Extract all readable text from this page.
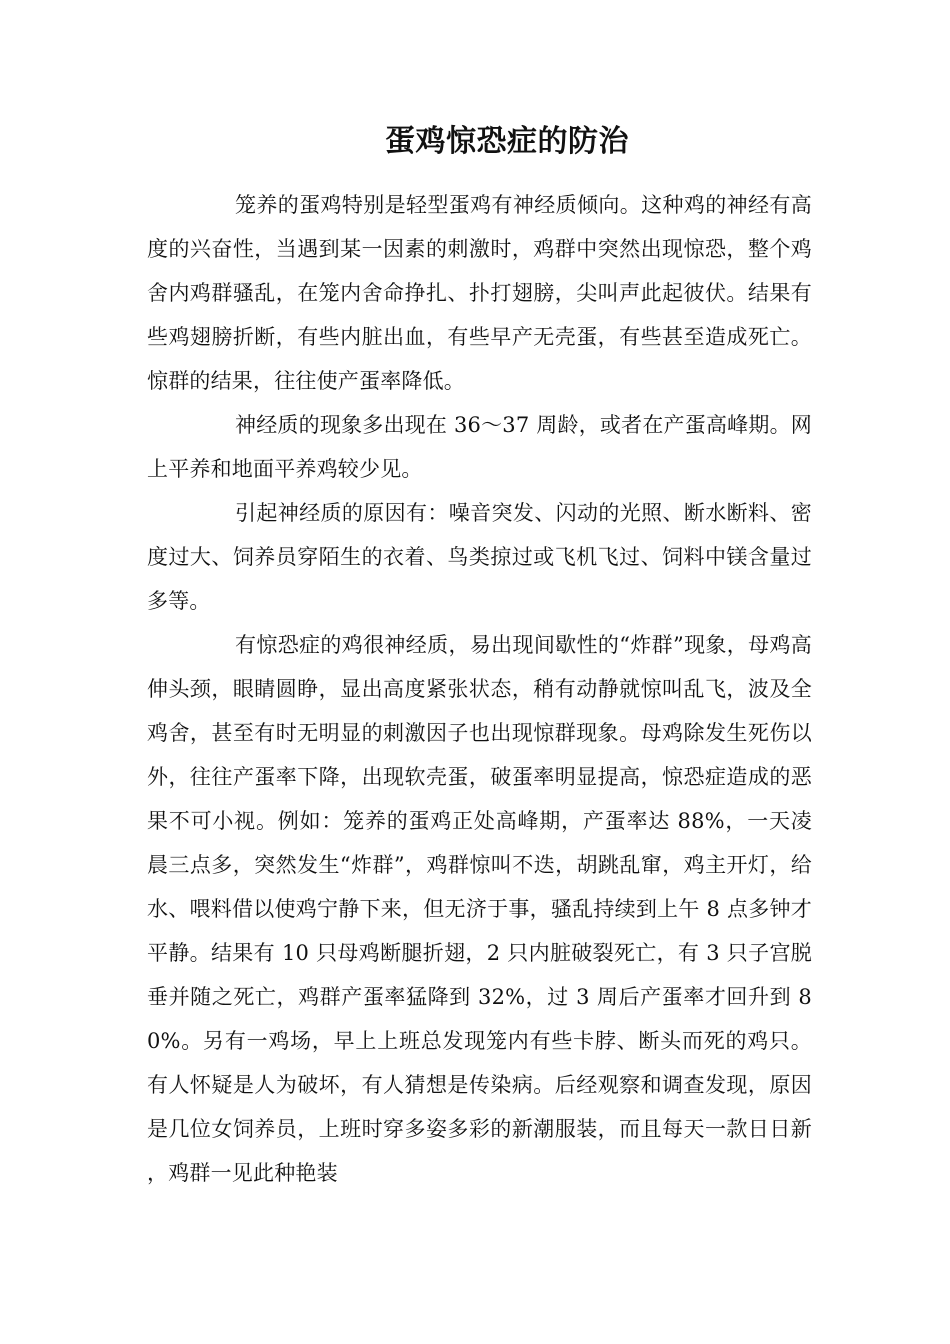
蛋鸡惊恐症的防治

笼养的蛋鸡特别是轻型蛋鸡有神经质倾向。这种鸡的神经有高度的兴奋性，当遇到某一因素的刺激时，鸡群中突然出现惊恐，整个鸡舍内鸡群骚乱，在笼内舍命挣扎、扑打翅膀，尖叫声此起彼伏。结果有些鸡翅膀折断，有些内脏出血，有些早产无壳蛋，有些甚至造成死亡。惊群的结果，往往使产蛋率降低。

神经质的现象多出现在 36～37 周龄，或者在产蛋高峰期。网上平养和地面平养鸡较少见。

引起神经质的原因有：噪音突发、闪动的光照、断水断料、密度过大、饲养员穿陌生的衣着、鸟类掠过或飞机飞过、饲料中镁含量过多等。

有惊恐症的鸡很神经质，易出现间歇性的“炸群”现象，母鸡高伸头颈，眼睛圆睁，显出高度紧张状态，稍有动静就惊叫乱飞，波及全鸡舍，甚至有时无明显的刺激因子也出现惊群现象。母鸡除发生死伤以外，往往产蛋率下降，出现软壳蛋，破蛋率明显提高，惊恐症造成的恶果不可小视。例如：笼养的蛋鸡正处高峰期，产蛋率达 88%，一天凌晨三点多，突然发生“炸群”，鸡群惊叫不迭，胡跳乱窜，鸡主开灯，给水、喂料借以使鸡宁静下来，但无济于事，骚乱持续到上午 8 点多钟才平静。结果有 10 只母鸡断腿折翅，2 只内脏破裂死亡，有 3 只子宫脱垂并随之死亡，鸡群产蛋率猛降到 32%，过 3 周后产蛋率才回升到 80%。另有一鸡场，早上上班总发现笼内有些卡脖、断头而死的鸡只。有人怀疑是人为破坏，有人猜想是传染病。后经观察和调查发现，原因是几位女饲养员，上班时穿多姿多彩的新潮服装，而且每天一款日日新，鸡群一见此种艳装
